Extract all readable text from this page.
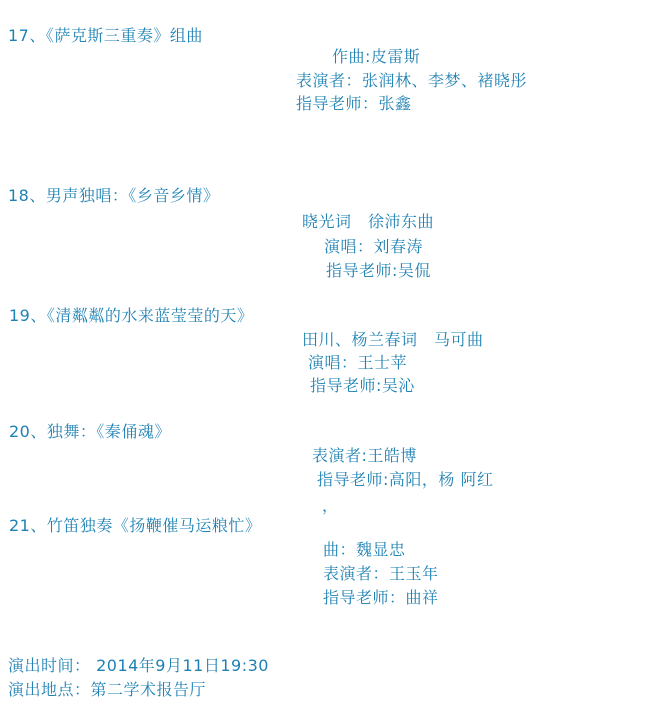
17、《萨克斯三重奏》组曲
作曲:皮雷斯
表演者：张润林、李梦、褚晓彤
指导老师：张鑫
18、男声独唱：《乡音乡情》
晓光词　徐沛东曲
演唱：刘春涛
指导老师:吴侃
19、《清粼粼的水来蓝莹莹的天》
田川、杨兰春词　马可曲
演唱：王士苹
指导老师:吴沁
20、独舞：《秦俑魂》
表演者:王皓博
指导老师:高阳，杨 阿红
，
21、竹笛独奏《扬鞭催马运粮忙》
曲：魏显忠
表演者：王玉年
指导老师：曲祥
演出时间： 2014年9月11日19:30
演出地点：第二学术报告厅
